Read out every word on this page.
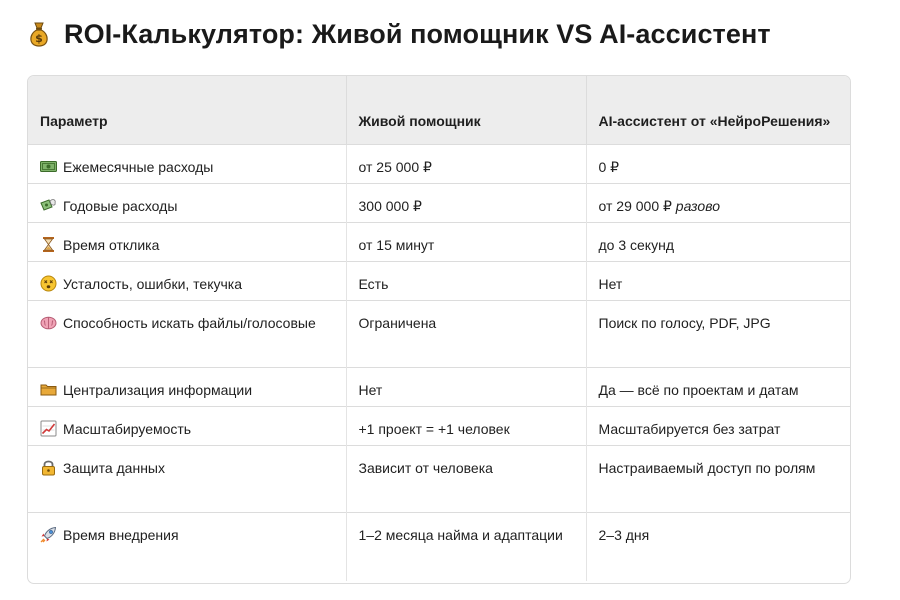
$ ROI-Калькулятор: Живой помощник VS AI-ассистент
Параметр	Живой помощник	AI-ассистент от «НейроРешения»

Ежемесячные расходы	от 25 000 ₽	0 ₽

Годовые расходы	300 000 ₽	от 29 000 ₽ разово

Время отклика	от 15 минут	до 3 секунд

Усталость, ошибки, текучка	Есть	Нет

Способность искать файлы/голосовые	Ограничена	Поиск по голосу, PDF, JPG

Централизация информации	Нет	Да — всё по проектам и датам

Масштабируемость	+1 проект = +1 человек	Масштабируется без затрат

Защита данных	Зависит от человека	Настраиваемый доступ по ролям

Время внедрения	1–2 месяца найма и адаптации	2–3 дня
